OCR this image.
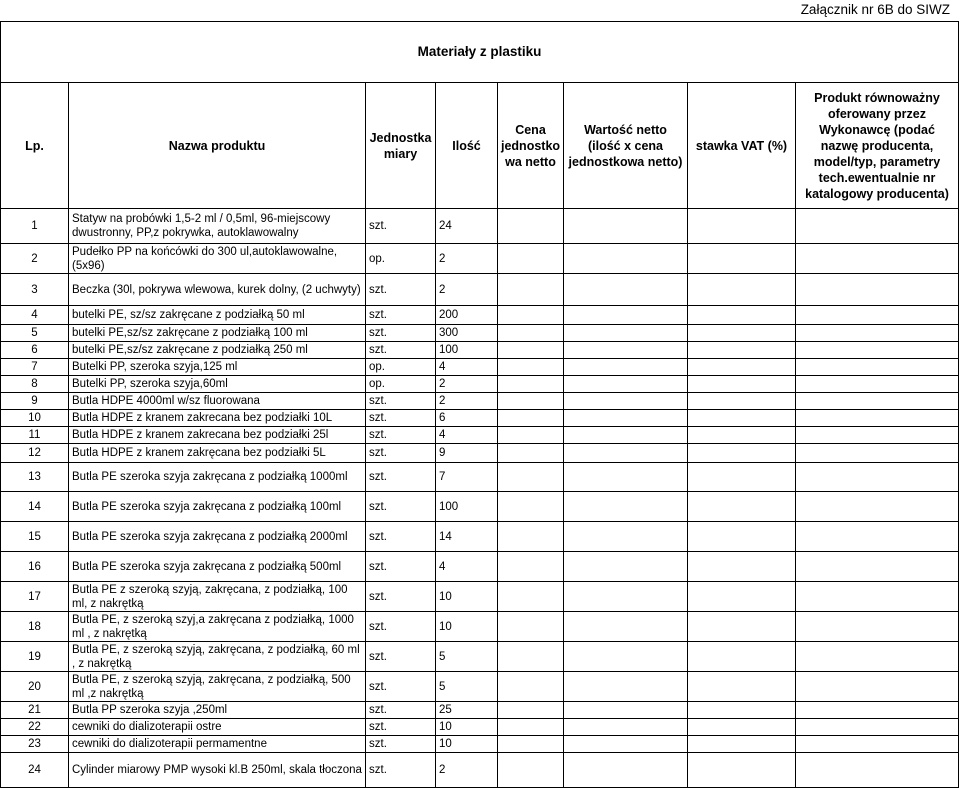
Załącznik nr 6B do SIWZ
Materiały z plastiku							
Lp.	Nazwa produktu	Jednostka miary	Ilość	Cena jednostko wa netto	Wartość netto (ilość x cena jednostkowa netto)	stawka VAT (%)	Produkt równoważny oferowany przez Wykonawcę (podać nazwę producenta, model/typ, parametry tech.ewentualnie nr katalogowy producenta)
1	Statyw na probówki 1,5-2 ml / 0,5ml, 96-miejscowy dwustronny, PP,z pokrywka, autoklawowalny	szt.	24				
2	Pudełko PP na końcówki do 300 ul,autoklawowalne, (5x96)	op.	2				
3	Beczka (30l, pokrywa wlewowa, kurek dolny, (2 uchwyty)	szt.	2				
4	butelki PE, sz/sz zakręcane z podziałką 50 ml	szt.	200				
5	butelki PE,sz/sz zakręcane z podziałką 100 ml	szt.	300				
6	butelki PE,sz/sz zakręcane z podziałką 250 ml	szt.	100				
7	Butelki PP, szeroka szyja,125 ml	op.	4				
8	Butelki PP, szeroka szyja,60ml	op.	2				
9	Butla HDPE 4000ml w/sz fluorowana	szt.	2				
10	Butla HDPE z kranem zakrecana bez podziałki 10L	szt.	6				
11	Butla HDPE z kranem zakrecana bez podziałki 25l	szt.	4				
12	Butla HDPE z kranem zakręcana bez podziałki 5L	szt.	9				
13	Butla PE szeroka szyja zakręcana z podziałką 1000ml	szt.	7				
14	Butla PE szeroka szyja zakręcana z podziałką 100ml	szt.	100				
15	Butla PE szeroka szyja zakręcana z podziałką 2000ml	szt.	14				
16	Butla PE szeroka szyja zakręcana z podziałką 500ml	szt.	4				
17	Butla PE z szeroką szyją, zakręcana, z podziałką, 100 ml, z nakrętką	szt.	10				
18	Butla PE, z szeroką szyj,a zakręcana z podziałką, 1000 ml , z nakrętką	szt.	10				
19	Butla PE, z szeroką szyją, zakręcana, z podziałką, 60 ml , z nakrętką	szt.	5				
20	Butla PE, z szeroką szyją, zakręcana, z podziałką, 500 ml ,z nakrętką	szt.	5				
21	Butla PP szeroka szyja ,250ml	szt.	25				
22	cewniki do dializoterapii ostre	szt.	10				
23	cewniki do dializoterapii permamentne	szt.	10				
24	Cylinder miarowy PMP wysoki kl.B 250ml, skala tłoczona	szt.	2				
